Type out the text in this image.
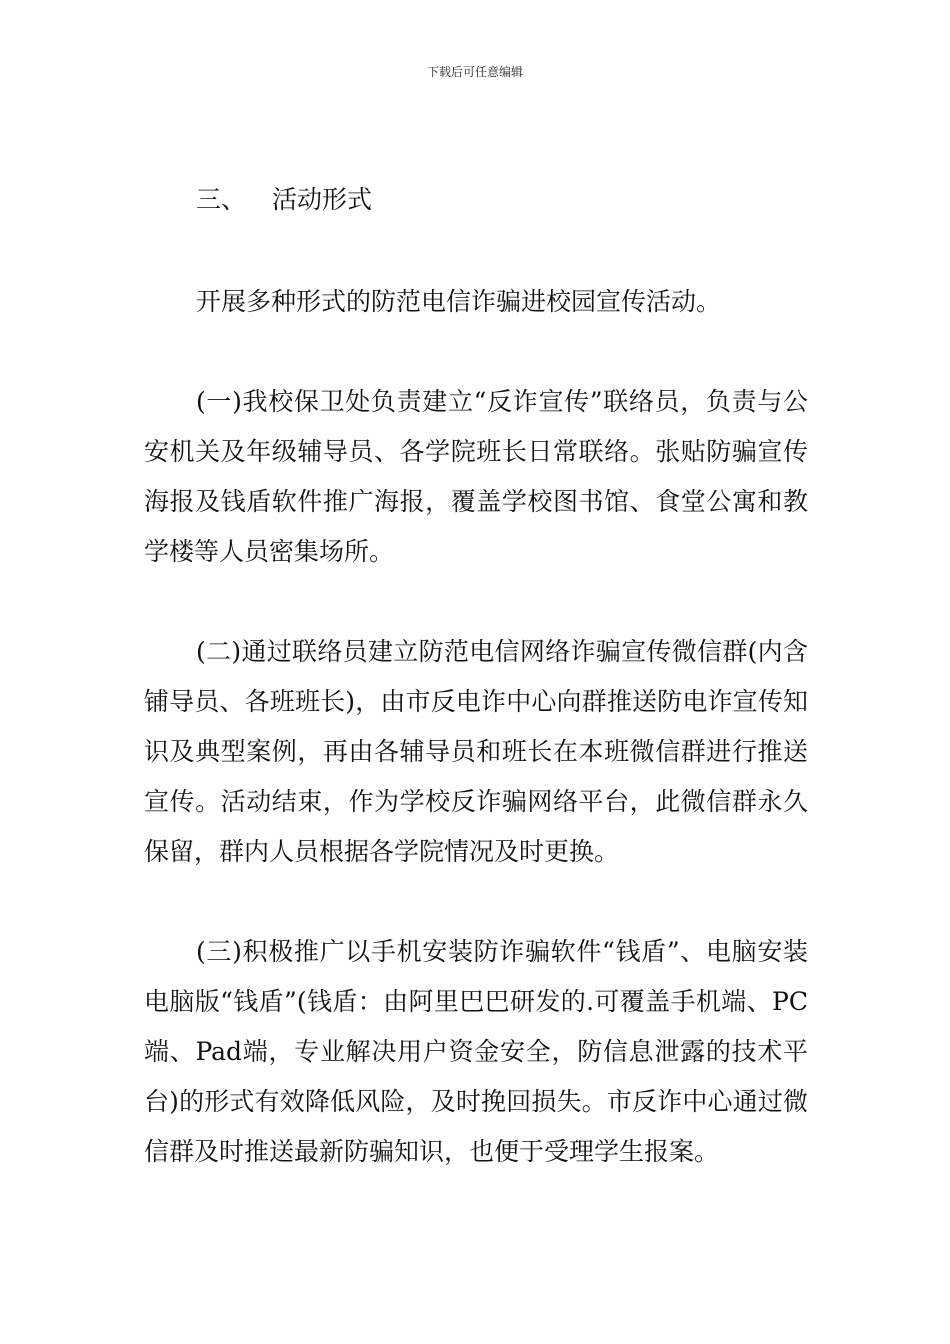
下载后可任意编辑
三、 活动形式

开展多种形式的防范电信诈骗进校园宣传活动。

(一)我校保卫处负责建立“反诈宣传”联络员，负责与公安机关及年级辅导员、各学院班长日常联络。张贴防骗宣传海报及钱盾软件推广海报，覆盖学校图书馆、食堂公寓和教学楼等人员密集场所。

(二)通过联络员建立防范电信网络诈骗宣传微信群(内含铺导员、各班班长)，由市反电诈中心向群推送防电诈宣传知识及典型案例，再由各辅导员和班长在本班微信群进行推送宣传。活动结束，作为学校反诈骗网络平台，此微信群永久保留，群内人员根据各学院情况及时更换。

(三)积极推广以手机安装防诈骗软件“钱盾”、电脑安装电脑版“钱盾”(钱盾：由阿里巴巴研发的.可覆盖手机端、PC端、Pad端，专业解决用户资金安全，防信息泄露的技术平台)的形式有效降低风险，及时挽回损失。市反诈中心通过微信群及时推送最新防骗知识，也便于受理学生报案。
